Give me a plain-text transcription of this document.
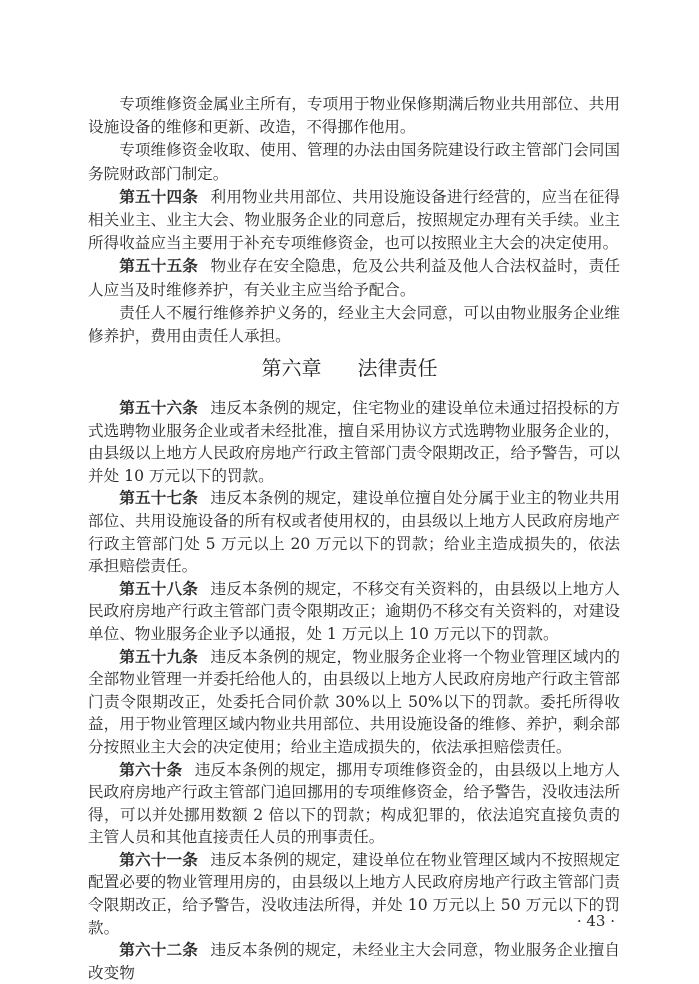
专项维修资金属业主所有，专项用于物业保修期满后物业共用部位、共用设施设备的维修和更新、改造，不得挪作他用。

专项维修资金收取、使用、管理的办法由国务院建设行政主管部门会同国务院财政部门制定。

第五十四条 利用物业共用部位、共用设施设备进行经营的，应当在征得相关业主、业主大会、物业服务企业的同意后，按照规定办理有关手续。业主所得收益应当主要用于补充专项维修资金，也可以按照业主大会的决定使用。

第五十五条 物业存在安全隐患，危及公共利益及他人合法权益时，责任人应当及时维修养护，有关业主应当给予配合。

责任人不履行维修养护义务的，经业主大会同意，可以由物业服务企业维修养护，费用由责任人承担。

第六章 法律责任

第五十六条 违反本条例的规定，住宅物业的建设单位未通过招投标的方式选聘物业服务企业或者未经批准，擅自采用协议方式选聘物业服务企业的，由县级以上地方人民政府房地产行政主管部门责令限期改正，给予警告，可以并处 10 万元以下的罚款。

第五十七条 违反本条例的规定，建设单位擅自处分属于业主的物业共用部位、共用设施设备的所有权或者使用权的，由县级以上地方人民政府房地产行政主管部门处 5 万元以上 20 万元以下的罚款；给业主造成损失的，依法承担赔偿责任。

第五十八条 违反本条例的规定，不移交有关资料的，由县级以上地方人民政府房地产行政主管部门责令限期改正；逾期仍不移交有关资料的，对建设单位、物业服务企业予以通报，处 1 万元以上 10 万元以下的罚款。

第五十九条 违反本条例的规定，物业服务企业将一个物业管理区域内的全部物业管理一并委托给他人的，由县级以上地方人民政府房地产行政主管部门责令限期改正，处委托合同价款 30%以上 50%以下的罚款。委托所得收益，用于物业管理区域内物业共用部位、共用设施设备的维修、养护，剩余部分按照业主大会的决定使用；给业主造成损失的，依法承担赔偿责任。

第六十条 违反本条例的规定，挪用专项维修资金的，由县级以上地方人民政府房地产行政主管部门追回挪用的专项维修资金，给予警告，没收违法所得，可以并处挪用数额 2 倍以下的罚款；构成犯罪的，依法追究直接负责的主管人员和其他直接责任人员的刑事责任。

第六十一条 违反本条例的规定，建设单位在物业管理区域内不按照规定配置必要的物业管理用房的，由县级以上地方人民政府房地产行政主管部门责令限期改正，给予警告，没收违法所得，并处 10 万元以上 50 万元以下的罚款。

第六十二条 违反本条例的规定，未经业主大会同意，物业服务企业擅自改变物

· 43 ·
